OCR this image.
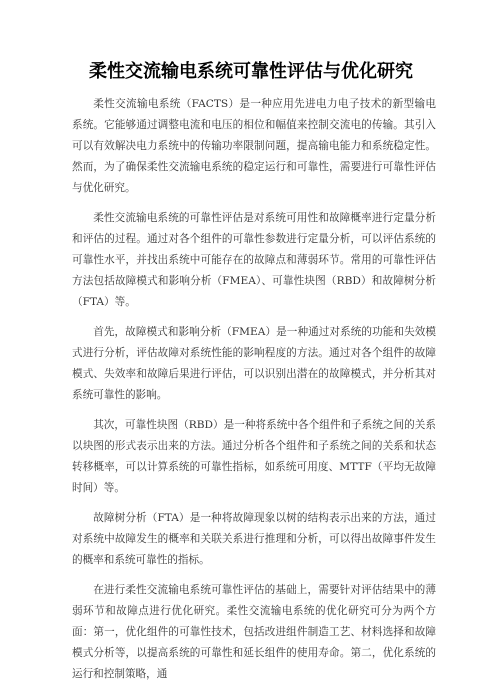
柔性交流输电系统可靠性评估与优化研究

柔性交流输电系统（FACTS）是一种应用先进电力电子技术的新型输电系统。它能够通过调整电流和电压的相位和幅值来控制交流电的传输。其引入可以有效解决电力系统中的传输功率限制问题，提高输电能力和系统稳定性。然而，为了确保柔性交流输电系统的稳定运行和可靠性，需要进行可靠性评估与优化研究。

柔性交流输电系统的可靠性评估是对系统可用性和故障概率进行定量分析和评估的过程。通过对各个组件的可靠性参数进行定量分析，可以评估系统的可靠性水平，并找出系统中可能存在的故障点和薄弱环节。常用的可靠性评估方法包括故障模式和影响分析（FMEA）、可靠性块图（RBD）和故障树分析（FTA）等。

首先，故障模式和影响分析（FMEA）是一种通过对系统的功能和失效模式进行分析，评估故障对系统性能的影响程度的方法。通过对各个组件的故障模式、失效率和故障后果进行评估，可以识别出潜在的故障模式，并分析其对系统可靠性的影响。

其次，可靠性块图（RBD）是一种将系统中各个组件和子系统之间的关系以块图的形式表示出来的方法。通过分析各个组件和子系统之间的关系和状态转移概率，可以计算系统的可靠性指标，如系统可用度、MTTF（平均无故障时间）等。

故障树分析（FTA）是一种将故障现象以树的结构表示出来的方法，通过对系统中故障发生的概率和关联关系进行推理和分析，可以得出故障事件发生的概率和系统可靠性的指标。

在进行柔性交流输电系统可靠性评估的基础上，需要针对评估结果中的薄弱环节和故障点进行优化研究。柔性交流输电系统的优化研究可分为两个方面：第一，优化组件的可靠性技术，包括改进组件制造工艺、材料选择和故障模式分析等，以提高系统的可靠性和延长组件的使用寿命。第二，优化系统的运行和控制策略，通
